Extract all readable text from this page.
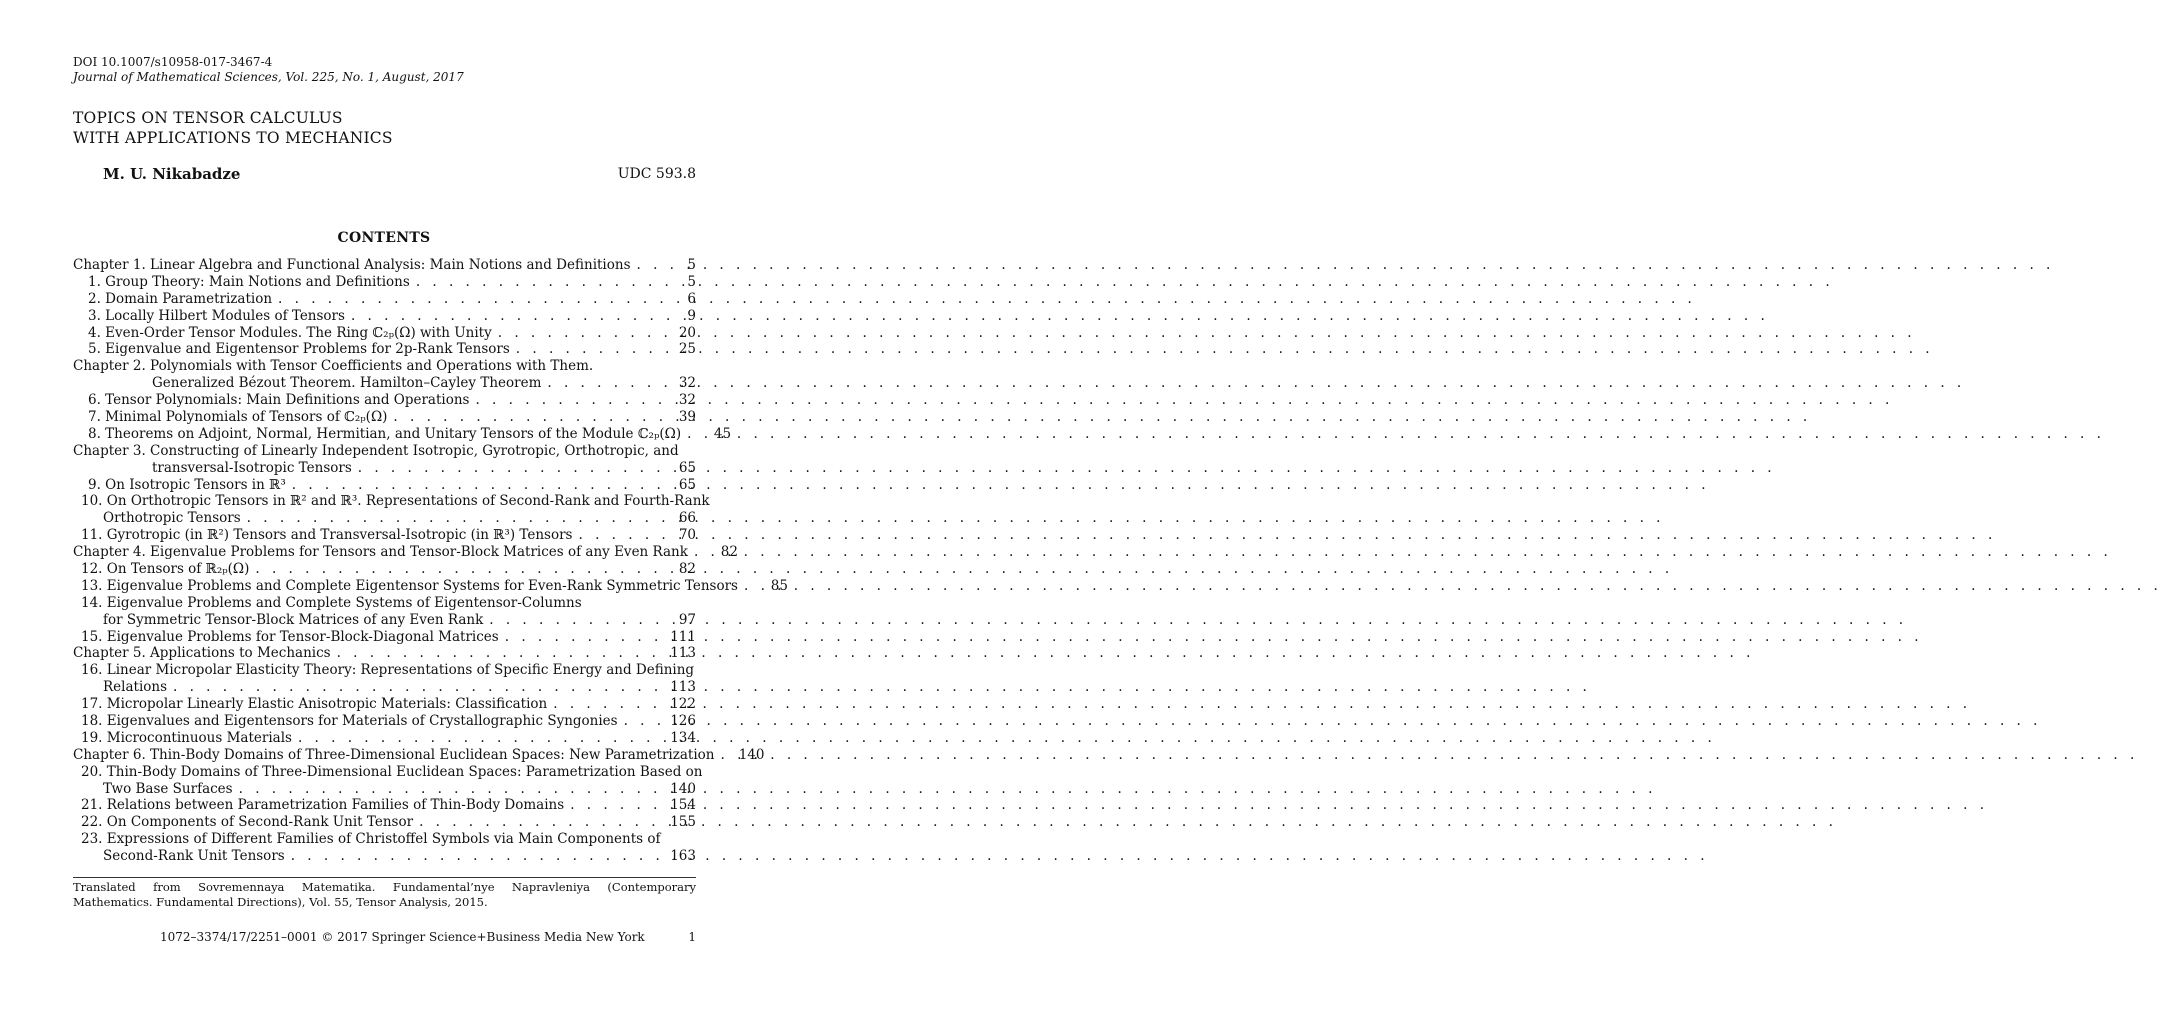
DOI 10.1007/s10958-017-3467-4
Journal of Mathematical Sciences, Vol. 225, No. 1, August, 2017
TOPICS ON TENSOR CALCULUS
WITH APPLICATIONS TO MECHANICS
M. U. Nikabadze	UDC 593.8
CONTENTS
Chapter 1. Linear Algebra and Functional Analysis: Main Notions and Definitions . . .	5
1. Group Theory: Main Notions and Definitions . . .	5
2. Domain Parametrization . . .	6
3. Locally Hilbert Modules of Tensors . . .	9
4. Even-Order Tensor Modules. The Ring ℂ₂ₚ(Ω) with Unity . . .	20
5. Eigenvalue and Eigentensor Problems for 2p-Rank Tensors . . .	25
Chapter 2. Polynomials with Tensor Coefficients and Operations with Them.
Generalized Bézout Theorem. Hamilton–Cayley Theorem . . .	32
6. Tensor Polynomials: Main Definitions and Operations . . .	32
7. Minimal Polynomials of Tensors of ℂ₂ₚ(Ω) . . .	39
8. Theorems on Adjoint, Normal, Hermitian, and Unitary Tensors of the Module ℂ₂ₚ(Ω) . . .	45
Chapter 3. Constructing of Linearly Independent Isotropic, Gyrotropic, Orthotropic, and
transversal-Isotropic Tensors . . .	65
9. On Isotropic Tensors in ℝ³ . . .	65
10. On Orthotropic Tensors in ℝ² and ℝ³. Representations of Second-Rank and Fourth-Rank
Orthotropic Tensors . . .	66
11. Gyrotropic (in ℝ²) Tensors and Transversal-Isotropic (in ℝ³) Tensors . . .	70
Chapter 4. Eigenvalue Problems for Tensors and Tensor-Block Matrices of any Even Rank . . .	82
12. On Tensors of ℝ₂ₚ(Ω) . . .	82
13. Eigenvalue Problems and Complete Eigentensor Systems for Even-Rank Symmetric Tensors . . .	85
14. Eigenvalue Problems and Complete Systems of Eigentensor-Columns
for Symmetric Tensor-Block Matrices of any Even Rank . . .	97
15. Eigenvalue Problems for Tensor-Block-Diagonal Matrices . . .	111
Chapter 5. Applications to Mechanics . . .	113
16. Linear Micropolar Elasticity Theory: Representations of Specific Energy and Defining
Relations . . .	113
17. Micropolar Linearly Elastic Anisotropic Materials: Classification . . .	122
18. Eigenvalues and Eigentensors for Materials of Crystallographic Syngonies . . .	126
19. Microcontinuous Materials . . .	134
Chapter 6. Thin-Body Domains of Three-Dimensional Euclidean Spaces: New Parametrization . . . 140
20. Thin-Body Domains of Three-Dimensional Euclidean Spaces: Parametrization Based on
Two Base Surfaces . . .	140
21. Relations between Parametrization Families of Thin-Body Domains . . .	154
22. On Components of Second-Rank Unit Tensor . . .	155
23. Expressions of Different Families of Christoffel Symbols via Main Components of
Second-Rank Unit Tensors . . .	163
Translated from Sovremennaya Matematika. Fundamental’nye Napravleniya (Contemporary Mathematics. Fundamental Directions), Vol. 55, Tensor Analysis, 2015.
1072–3374/17/2251–0001 © 2017 Springer Science+Business Media New York	1
